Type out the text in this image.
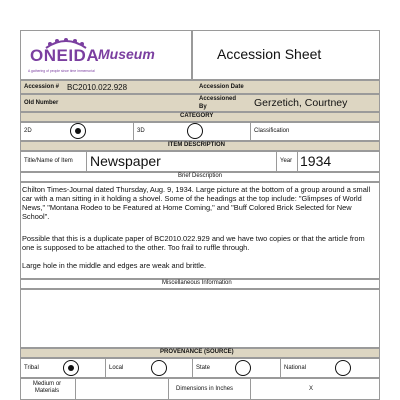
ONEIDA
A gathering of people since time immemorial
Museum	Accession Sheet
Accession # BC2010.022.928	Accession Date
Old Number
Accessioned By	Gerzetich, Courtney
CATEGORY
2D	3D	Classification
ITEM DESCRIPTION
Title/Name of Item Newspaper	Year 1934
Brief Description
Chilton Times-Journal dated Thursday, Aug. 9, 1934. Large picture at the bottom of a group around a small car with a man sitting in it holding a shovel. Some of the headings at the top include: "Glimpses of World News," "Montana Rodeo to be Featured at Home Coming," and "Buff Colored Brick Selected for New School".
Possible that this is a duplicate paper of BC2010.022.929 and we have two copies or that the article from one is supposed to be attached to the other. Too frail to ruffle through.
Large hole in the middle and edges are weak and brittle.
Miscellaneous Information
PROVENANCE (SOURCE)
Tribal	Local	State	National
Medium or Materials	Dimensions in Inches	X
